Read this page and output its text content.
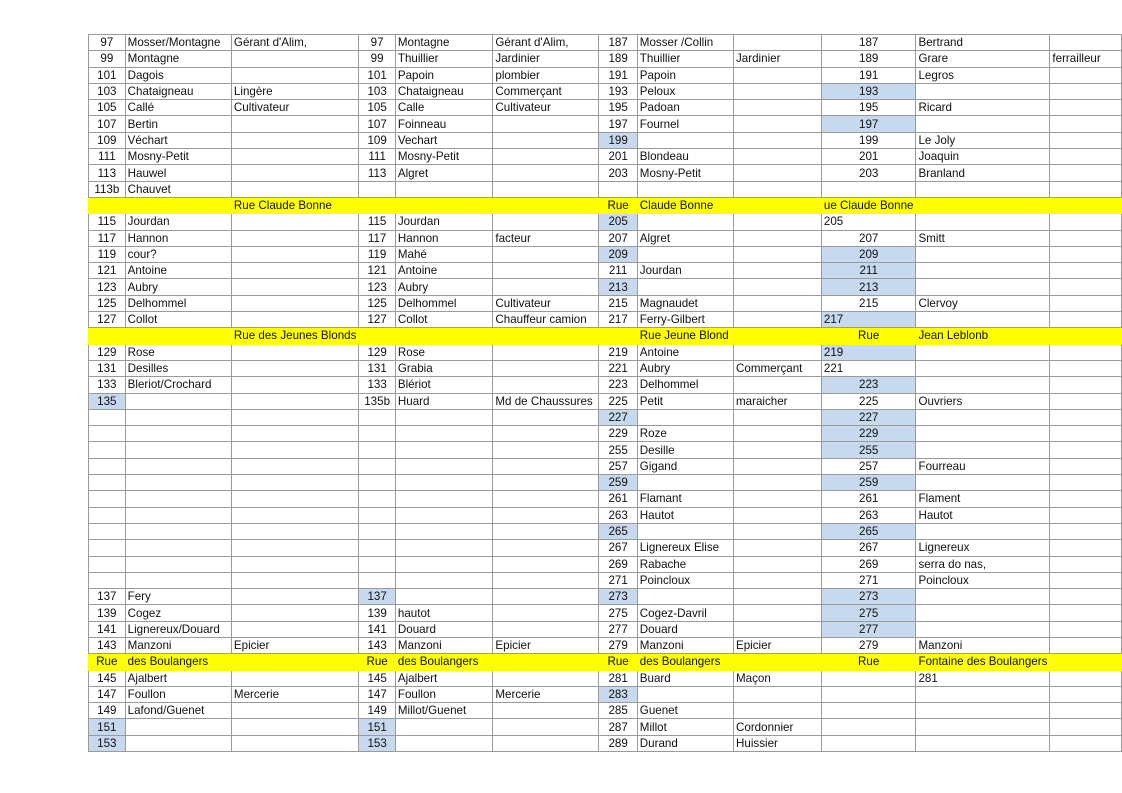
97	Mosser/Montagne	Gérant d'Alim,	97	Montagne	Gérant d'Alim,	187	Mosser /Collin		187	Bertrand	
99	Montagne		99	Thuillier	Jardinier	189	Thuillier	Jardinier	189	Grare	ferrailleur
101	Dagois		101	Papoin	plombier	191	Papoin		191	Legros	
103	Chataigneau	Lingère	103	Chataigneau	Commerçant	193	Peloux		193		
105	Callé	Cultivateur	105	Calle	Cultivateur	195	Padoan		195	Ricard	
107	Bertin		107	Foinneau		197	Fournel		197		
109	Véchart		109	Vechart		199			199	Le Joly	
111	Mosny-Petit		111	Mosny-Petit		201	Blondeau		201	Joaquin	
113	Hauwel		113	Algret		203	Mosny-Petit		203	Branland	
113b	Chauvet										
		Rue Claude Bonne				Rue	Claude Bonne		ue Claude Bonne		
115	Jourdan		115	Jourdan		205			205		
117	Hannon		117	Hannon	facteur	207	Algret		207	Smitt	
119	cour?		119	Mahé		209			209		
121	Antoine		121	Antoine		211	Jourdan		211		
123	Aubry		123	Aubry		213			213		
125	Delhommel		125	Delhommel	Cultivateur	215	Magnaudet		215	Clervoy	
127	Collot		127	Collot	Chauffeur camion	217	Ferry-Gilbert		217		
		Rue des Jeunes Blonds					Rue Jeune Blond		Rue	Jean Leblonb	
129	Rose		129	Rose		219	Antoine		219		
131	Desilles		131	Grabia		221	Aubry	Commerçant	221		
133	Bleriot/Crochard		133	Blériot		223	Delhommel		223		
135			135b	Huard	Md de Chaussures	225	Petit	maraicher	225	Ouvriers	
						227			227		
						229	Roze		229		
						255	Desille		255		
						257	Gigand		257	Fourreau	
						259			259		
						261	Flamant		261	Flament	
						263	Hautot		263	Hautot	
						265			265		
						267	Lignereux Elise		267	Lignereux	
						269	Rabache		269	serra do nas,	
						271	Poincloux		271	Poincloux	
137	Fery		137			273			273		
139	Cogez		139	hautot		275	Cogez-Davril		275		
141	Lignereux/Douard		141	Douard		277	Douard		277		
143	Manzoni	Epicier	143	Manzoni	Epicier	279	Manzoni	Epicier	279	Manzoni	
Rue	des Boulangers		Rue	des Boulangers		Rue	des Boulangers		Rue	Fontaine des Boulangers	
145	Ajalbert		145	Ajalbert		281	Buard	Maçon		281	
147	Foullon	Mercerie	147	Foullon	Mercerie	283					
149	Lafond/Guenet		149	Millot/Guenet		285	Guenet				
151			151			287	Millot	Cordonnier			
153			153			289	Durand	Huissier			
